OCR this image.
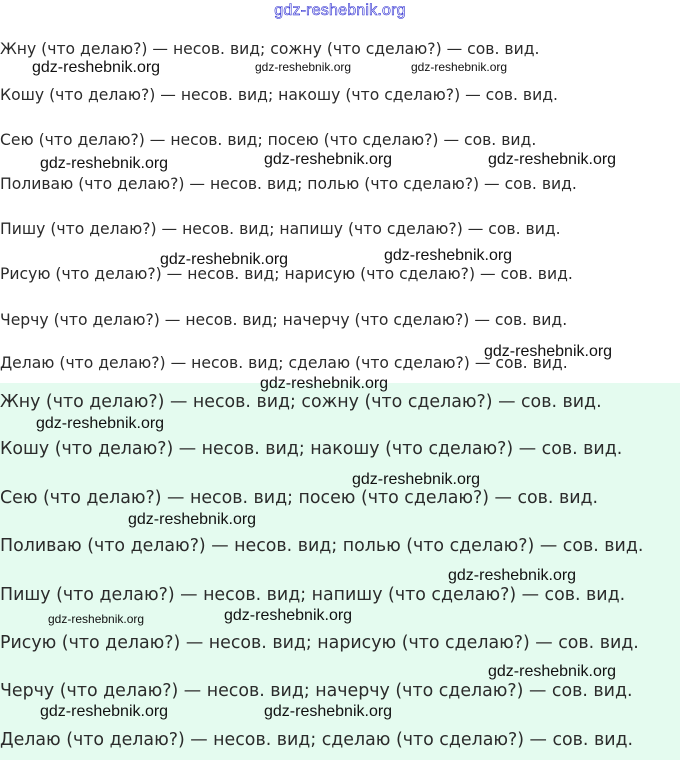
gdz-reshebnik.org
Жну (что делаю?) — несов. вид; сожну (что сделаю?) — сов. вид.
Кошу (что делаю?) — несов. вид; накошу (что сделаю?) — сов. вид.
Сею (что делаю?) — несов. вид; посею (что сделаю?) — сов. вид.
Поливаю (что делаю?) — несов. вид; полью (что сделаю?) — сов. вид.
Пишу (что делаю?) — несов. вид; напишу (что сделаю?) — сов. вид.
Рисую (что делаю?) — несов. вид; нарисую (что сделаю?) — сов. вид.
Черчу (что делаю?) — несов. вид; начерчу (что сделаю?) — сов. вид.
Делаю (что делаю?) — несов. вид; сделаю (что сделаю?) — сов. вид.
Жну (что делаю?) — несов. вид; сожну (что сделаю?) — сов. вид.
Кошу (что делаю?) — несов. вид; накошу (что сделаю?) — сов. вид.
Сею (что делаю?) — несов. вид; посею (что сделаю?) — сов. вид.
Поливаю (что делаю?) — несов. вид; полью (что сделаю?) — сов. вид.
Пишу (что делаю?) — несов. вид; напишу (что сделаю?) — сов. вид.
Рисую (что делаю?) — несов. вид; нарисую (что сделаю?) — сов. вид.
Черчу (что делаю?) — несов. вид; начерчу (что сделаю?) — сов. вид.
Делаю (что делаю?) — несов. вид; сделаю (что сделаю?) — сов. вид.
gdz-reshebnik.org	gdz-reshebnik.org	gdz-reshebnik.org
gdz-reshebnik.org	gdz-reshebnik.org	gdz-reshebnik.org
gdz-reshebnik.org	gdz-reshebnik.org
gdz-reshebnik.org
gdz-reshebnik.org
gdz-reshebnik.org
gdz-reshebnik.org
gdz-reshebnik.org
gdz-reshebnik.org
gdz-reshebnik.org	gdz-reshebnik.org
gdz-reshebnik.org
gdz-reshebnik.org	gdz-reshebnik.org
